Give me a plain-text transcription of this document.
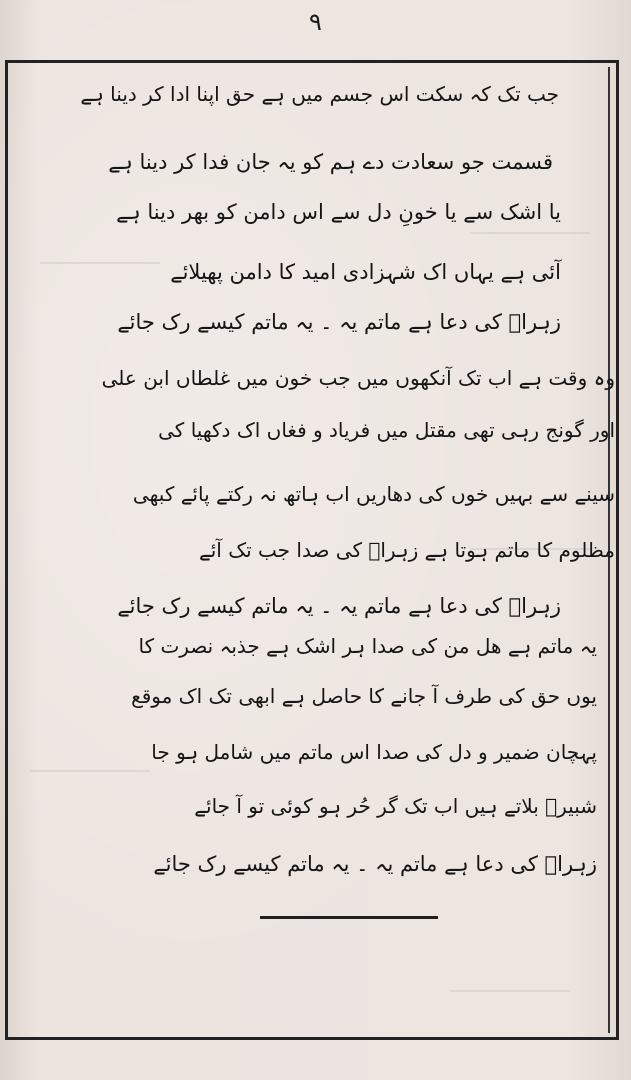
۹
جب تک کہ سکت اس جسم میں ہے حق اپنا ادا کر دینا ہے
قسمت جو سعادت دے ہم کو یہ جان فدا کر دینا ہے
یا اشک سے یا خونِ دل سے اس دامن کو بھر دینا ہے
آئی ہے یہاں اک شہزادی امید کا دامن پھیلائے
زہراؑ کی دعا ہے ماتم یہ ۔ یہ ماتم کیسے رک جائے
وہ وقت ہے اب تک آنکھوں میں جب خون میں غلطاں ابن علی
اور گونج رہی تھی مقتل میں فریاد و فغاں اک دکھیا کی
سینے سے بہیں خوں کی دھاریں اب ہاتھ نہ رکتے پائے کبھی
مظلوم کا ماتم ہوتا ہے زہراؑ کی صدا جب تک آئے
زہراؑ کی دعا ہے ماتم یہ ۔ یہ ماتم کیسے رک جائے
یہ ماتم ہے ھل من کی صدا ہر اشک ہے جذبہ نصرت کا
یوں حق کی طرف آ جانے کا حاصل ہے ابھی تک اک موقع
پہچان ضمیر و دل کی صدا اس ماتم میں شامل ہو جا
شبیرؑ بلاتے ہیں اب تک گر حُر ہو کوئی تو آ جائے
زہراؑ کی دعا ہے ماتم یہ ۔ یہ ماتم کیسے رک جائے
